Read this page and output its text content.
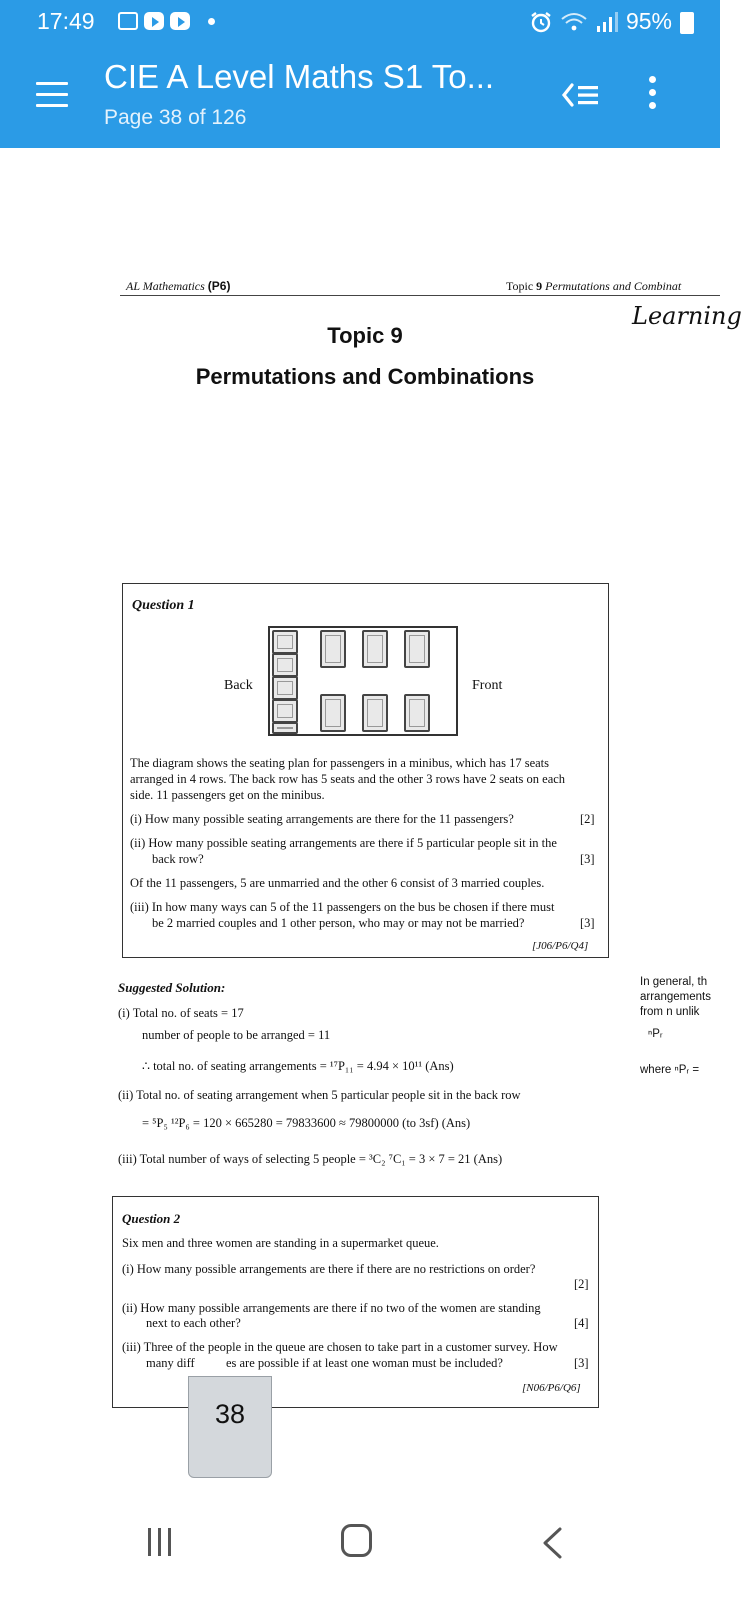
17:49	95%
CIE A Level Maths S1 To...
Page 38 of 126
AL Mathematics (P6)	Topic 9 Permutations and Combinat
Learning
Topic 9
Permutations and Combinations

Question 1

Back	Front

The diagram shows the seating plan for passengers in a minibus, which has 17 seats

arranged in 4 rows. The back row has 5 seats and the other 3 rows have 2 seats on each

side. 11 passengers get on the minibus.

(i) How many possible seating arrangements are there for the 11 passengers?	[2]

(ii) How many possible seating arrangements are there if 5 particular people sit in the

back row?	[3]

Of the 11 passengers, 5 are unmarried and the other 6 consist of 3 married couples.

(iii) In how many ways can 5 of the 11 passengers on the bus be chosen if there must

be 2 married couples and 1 other person, who may or may not be married?	[3]

[J06/P6/Q4]

Suggested Solution:

(i) Total no. of seats = 17

number of people to be arranged = 11

∴ total no. of seating arrangements = ¹⁷P₁₁ = 4.94 × 10¹¹ (Ans)

(ii) Total no. of seating arrangement when 5 particular people sit in the back row

= ⁵P₅ ¹²P₆ = 120 × 665280 = 79833600 ≈ 79800000 (to 3sf) (Ans)

(iii) Total number of ways of selecting 5 people = ³C₂ ⁷C₁ = 3 × 7 = 21 (Ans)

In general, th

arrangements

from n unlik

ⁿPᵣ

where ⁿPᵣ =

Question 2

Six men and three women are standing in a supermarket queue.

(i) How many possible arrangements are there if there are no restrictions on order?

[2]

(ii) How many possible arrangements are there if no two of the women are standing

next to each other?	[4]

(iii) Three of the people in the queue are chosen to take part in a customer survey. How

many diff          es are possible if at least one woman must be included?	[3]

[N06/P6/Q6]

38
